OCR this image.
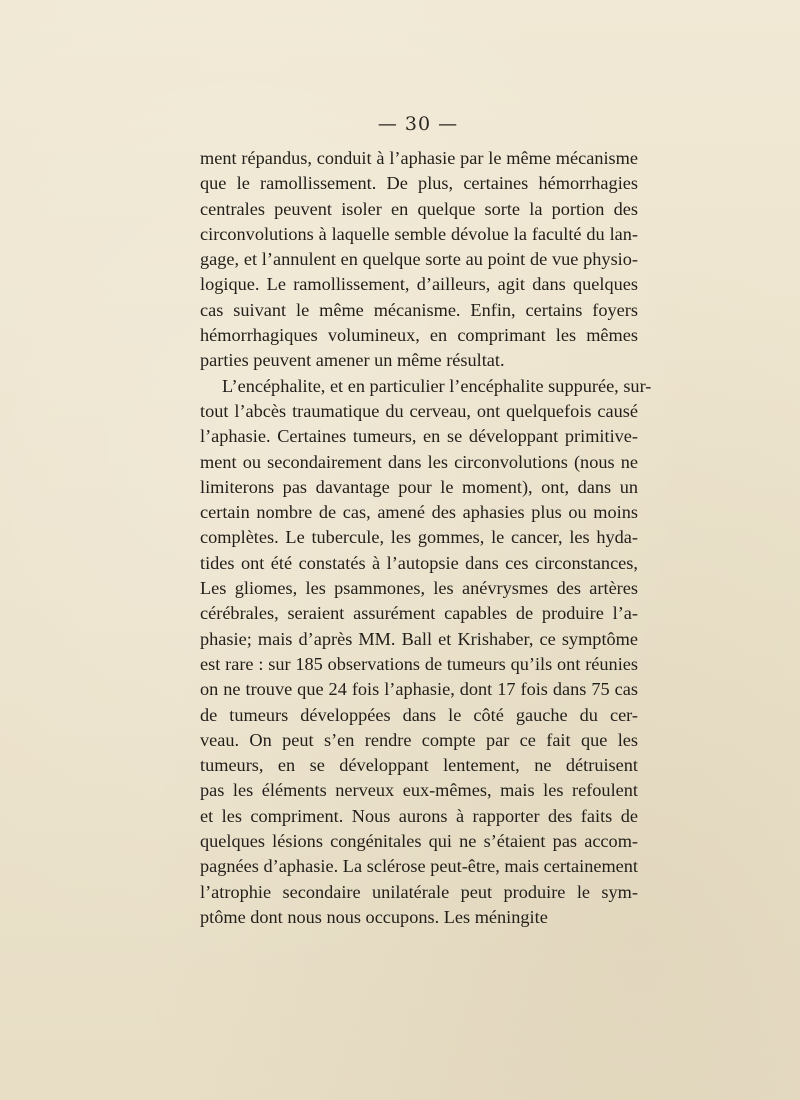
— 30 —
ment répandus, conduit à l’aphasie par le même mécanisme
que le ramollissement. De plus, certaines hémorrhagies
centrales peuvent isoler en quelque sorte la portion des
circonvolutions à laquelle semble dévolue la faculté du lan-
gage, et l’annulent en quelque sorte au point de vue physio-
logique. Le ramollissement, d’ailleurs, agit dans quelques
cas suivant le même mécanisme. Enfin, certains foyers
hémorrhagiques volumineux, en comprimant les mêmes
parties peuvent amener un même résultat.
L’encéphalite, et en particulier l’encéphalite suppurée, sur-
tout l’abcès traumatique du cerveau, ont quelquefois causé
l’aphasie. Certaines tumeurs, en se développant primitive-
ment ou secondairement dans les circonvolutions (nous ne
limiterons pas davantage pour le moment), ont, dans un
certain nombre de cas, amené des aphasies plus ou moins
complètes. Le tubercule, les gommes, le cancer, les hyda-
tides ont été constatés à l’autopsie dans ces circonstances,
Les gliomes, les psammones, les anévrysmes des artères
cérébrales, seraient assurément capables de produire l’a-
phasie; mais d’après MM. Ball et Krishaber, ce symptôme
est rare : sur 185 observations de tumeurs qu’ils ont réunies
on ne trouve que 24 fois l’aphasie, dont 17 fois dans 75 cas
de tumeurs développées dans le côté gauche du cer-
veau. On peut s’en rendre compte par ce fait que les
tumeurs, en se développant lentement, ne détruisent
pas les éléments nerveux eux-mêmes, mais les refoulent
et les compriment. Nous aurons à rapporter des faits de
quelques lésions congénitales qui ne s’étaient pas accom-
pagnées d’aphasie. La sclérose peut-être, mais certainement
l’atrophie secondaire unilatérale peut produire le sym-
ptôme dont nous nous occupons. Les méningite
